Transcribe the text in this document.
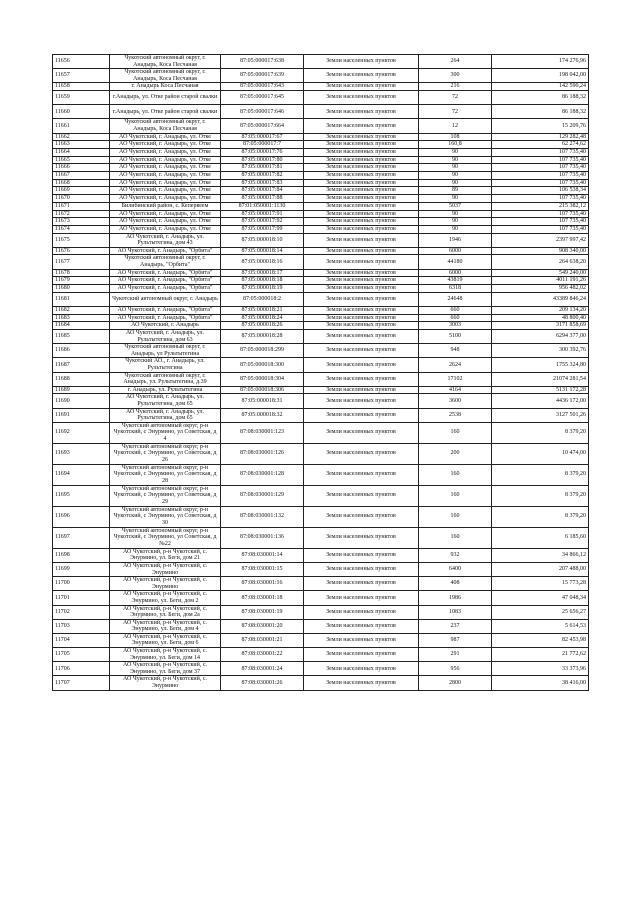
11656	Чукотский автономный округ, г. Анадырь, Коса Песчаная	87:05:000017:638	Земли населенных пунктов	264	174 276,96
11657	Чукотский автономный округ, г. Анадырь, Коса Песчаная	87:05:000017:639	Земли населенных пунктов	300	198 042,00
11658	г. Анадырь Коса Песчаная	87:05:000017:643	Земли населенных пунктов	216	142 590,24
11659	г.Анадырь, ул. Отке район старой свалки	87:05:000017:645	Земли населенных пунктов	72	86 188,32
11660	г.Анадырь, ул. Отке район старой свалки	87:05:000017:646	Земли населенных пунктов	72	86 188,32
11661	Чукотский автономный округ, г. Анадырь, Коса Песчаная	87:05:000017:664	Земли населенных пунктов	12	15 209,76
11662	АО Чукотский, г. Анадырь, ул. Отке	87:05:000017:67	Земли населенных пунктов	108	129 282,48
11663	АО Чукотский, г. Анадырь, ул. Отке	87:05:000017:7	Земли населенных пунктов	160,8	62 274,62
11664	АО Чукотский, г. Анадырь, ул. Отке	87:05:000017:76	Земли населенных пунктов	90	107 735,40
11665	АО Чукотский, г. Анадырь, ул. Отке	87:05:000017:80	Земли населенных пунктов	90	107 735,40
11666	АО Чукотский, г. Анадырь, ул. Отке	87:05:000017:81	Земли населенных пунктов	90	107 735,40
11667	АО Чукотский, г. Анадырь, ул. Отке	87:05:000017:82	Земли населенных пунктов	90	107 735,40
11668	АО Чукотский, г. Анадырь, ул. Отке	87:05:000017:83	Земли населенных пунктов	90	107 735,40
11669	АО Чукотский, г. Анадырь, ул. Отке	87:05:000017:84	Земли населенных пунктов	89	106 538,34
11670	АО Чукотский, г. Анадырь, ул. Отке	87:05:000017:88	Земли населенных пунктов	90	107 735,40
11671	Билибинский район, с. Кепервеем	87:01:050001:1130	Земли населенных пунктов	5037	215 382,12
11672	АО Чукотский, г. Анадырь, ул. Отке	87:05:000017:91	Земли населенных пунктов	90	107 735,40
11673	АО Чукотский, г. Анадырь, ул. Отке	87:05:000017:92	Земли населенных пунктов	90	107 735,40
11674	АО Чукотский, г. Анадырь, ул. Отке	87:05:000017:99	Земли населенных пунктов	90	107 735,40
11675	АО Чукотский, г. Анадырь, ул. Рультытегина, дом 43	87:05:000018:10	Земли населенных пунктов	1946	2397 997,42
11676	АО Чукотский, г. Анадырь, "Орбита"	87:05:000018:14	Земли населенных пунктов	6000	908 340,00
11677	Чукотский автономный округ, г. Анадырь, "Орбита"	87:05:000018:16	Земли населенных пунктов	44180	264 638,20
11678	АО Чукотский, г. Анадырь, "Орбита"	87:05:000018:17	Земли населенных пунктов	6000	549 240,00
11679	АО Чукотский, г. Анадырь, "Орбита"	87:05:000018:18	Земли населенных пунктов	43819	4011 191,26
11680	АО Чукотский, г. Анадырь, "Орбита"	87:05:000018:19	Земли населенных пунктов	6318	956 482,02
11681	Чукотский автономный округ, г. Анадырь	87:05:000018:2	Земли населенных пунктов	24648	43389 846,24
11682	АО Чукотский, г. Анадырь, "Орбита"	87:05:000018:21	Земли населенных пунктов	660	209 134,20
11683	АО Чукотский, г. Анадырь, "Орбита"	87:05:000018:24	Земли населенных пунктов	660	48 800,40
11684	АО Чукотский, г. Анадырь	87:05:000018:26	Земли населенных пунктов	3003	3171 858,69
11685	АО Чукотский, г. Анадырь, ул. Рультытегина, дом 63	87:05:000018:28	Земли населенных пунктов	5100	6294 377,00
11686	Чукотский автономный округ, г. Анадырь, ул Рультытегина	87:05:000018:299	Земли населенных пунктов	948	300 392,76
11687	Чукотский АО., г. Анадырь, ул. Рультытегина	87:05:000018:300	Земли населенных пунктов	2624	1755 324,80
11688	Чукотский автономный округ, г. Анадырь, ул. Рультытегина, д.39	87:05:000018:304	Земли населенных пунктов	17102	21074 281,54
11689	г. Анадырь, ул. Рультытегина	87:05:000018:306	Земли населенных пунктов	4164	5131 172,28
11690	АО Чукотский, г. Анадырь, ул. Рультытегина, дом 65	87:05:000018:31	Земли населенных пунктов	3600	4436 172,00
11691	АО Чукотский, г. Анадырь, ул. Рультытегина, дом 65	87:05:000018:32	Земли населенных пунктов	2538	3127 501,26
11692	Чукотский автономный округ, р-н Чукотский, с Энурмино, ул Советская, д 4	87:08:030001:123	Земли населенных пунктов	160	8 379,20
11693	Чукотский автономный округ, р-н Чукотский, с Энурмино, ул Советская, д 26	87:08:030001:126	Земли населенных пунктов	200	10 474,00
11694	Чукотский автономный округ, р-н Чукотский, с Энурмино, ул Советская, д 28	87:08:030001:128	Земли населенных пунктов	160	8 379,20
11695	Чукотский автономный округ, р-н Чукотский, с Энурмино, ул Советская, д 29	87:08:030001:129	Земли населенных пунктов	160	8 379,20
11696	Чукотский автономный округ, р-н Чукотский, с Энурмино, ул Советская, д 30	87:08:030001:132	Земли населенных пунктов	160	8 379,20
11697	Чукотский автономный округ, р-н Чукотский, с Энурмино, ул Советская, д №22	87:08:030001:136	Земли населенных пунктов	160	6 185,60
11698	АО Чукотский, р-н Чукотский, с. Энурмино, ул. Беги, дом 21	87:08:030001:14	Земли населенных пунктов	932	34 866,12
11699	АО Чукотский, р-н Чукотский, с. Энурмино	87:08:030001:15	Земли населенных пунктов	6400	207 488,00
11700	АО Чукотский, р-н Чукотский, с. Энурмино	87:08:030001:16	Земли населенных пунктов	408	15 773,28
11701	АО Чукотский, р-н Чукотский, с. Энурмино, ул. Беги, дом 2	87:08:030001:18	Земли населенных пунктов	1986	47 048,34
11702	АО Чукотский, р-н Чукотский, с. Энурмино, ул. Беги, дом 2а	87:08:030001:19	Земли населенных пунктов	1083	25 656,27
11703	АО Чукотский, р-н Чукотский, с. Энурмино, ул. Беги, дом 4	87:08:030001:20	Земли населенных пунктов	237	5 614,53
11704	АО Чукотский, р-н Чукотский, с. Энурмино, ул. Беги, дом 6	87:08:030001:21	Земли населенных пунктов	987	82 453,98
11705	АО Чукотский, р-н Чукотский, с. Энурмино, ул. Беги, дом 14	87:08:030001:22	Земли населенных пунктов	291	21 772,62
11706	АО Чукотский, р-н Чукотский, с. Энурмино, ул. Беги, дом 37	87:08:030001:24	Земли населенных пунктов	956	33 373,96
11707	АО Чукотский, р-н Чукотский, с. Энурмино	87:08:030001:26	Земли населенных пунктов	2800	38 416,00
